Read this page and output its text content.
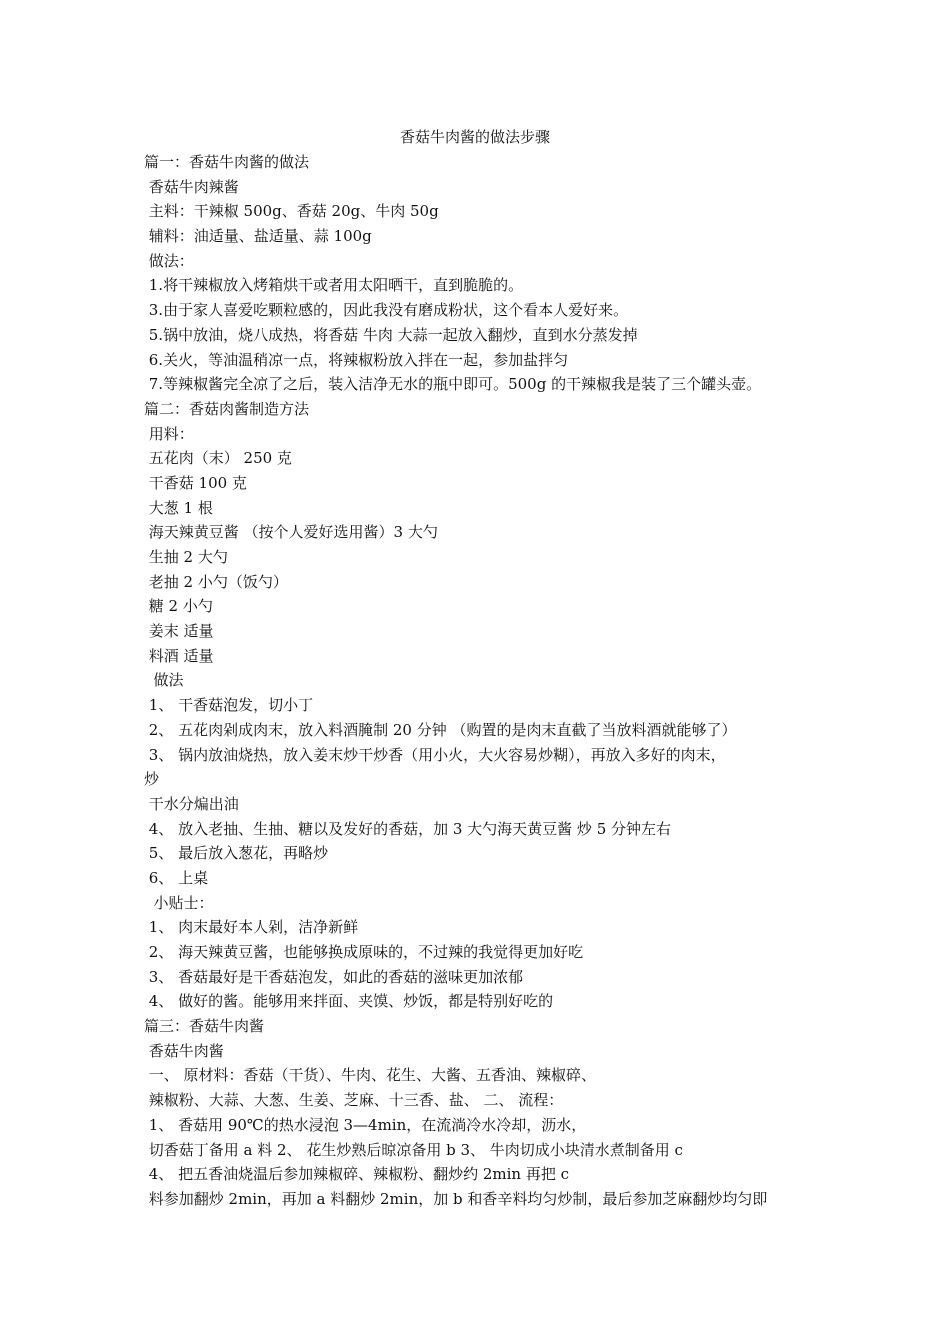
香菇牛肉酱的做法步骤
篇一：香菇牛肉酱的做法
香菇牛肉辣酱
主料：干辣椒 500g、香菇 20g、牛肉 50g
辅料：油适量、盐适量、蒜 100g
做法：
1.将干辣椒放入烤箱烘干或者用太阳晒干，直到脆脆的。
3.由于家人喜爱吃颗粒感的，因此我没有磨成粉状，这个看本人爱好来。
5.锅中放油，烧八成热，将香菇 牛肉 大蒜一起放入翻炒，直到水分蒸发掉
6.关火，等油温稍凉一点，将辣椒粉放入拌在一起，参加盐拌匀
7.等辣椒酱完全凉了之后，装入洁净无水的瓶中即可。500g 的干辣椒我是装了三个罐头壶。
篇二：香菇肉酱制造方法
用料：
五花肉（末） 250 克
干香菇 100 克
大葱 1 根
海天辣黄豆酱 （按个人爱好选用酱）3 大勺
生抽 2 大勺
老抽 2 小勺（饭勺）
糖 2 小勺
姜末 适量
料酒 适量
做法
1、 干香菇泡发，切小丁
2、 五花肉剁成肉末，放入料酒腌制 20 分钟 （购置的是肉末直截了当放料酒就能够了）
3、 锅内放油烧热，放入姜末炒干炒香（用小火，大火容易炒糊），再放入多好的肉末，
炒
干水分煸出油
4、 放入老抽、生抽、糖以及发好的香菇，加 3 大勺海天黄豆酱 炒 5 分钟左右
5、 最后放入葱花，再略炒
6、 上桌
小贴士：
1、 肉末最好本人剁，洁净新鲜
2、 海天辣黄豆酱，也能够换成原味的，不过辣的我觉得更加好吃
3、 香菇最好是干香菇泡发，如此的香菇的滋味更加浓郁
4、 做好的酱。能够用来拌面、夹馍、炒饭，都是特别好吃的
篇三：香菇牛肉酱
香菇牛肉酱
一、 原材料：香菇（干货）、牛肉、花生、大酱、五香油、辣椒碎、
辣椒粉、大蒜、大葱、生姜、芝麻、十三香、盐、 二、 流程：
1、 香菇用 90℃的热水浸泡 3—4min，在流淌冷水冷却，沥水，
切香菇丁备用 a 料 2、 花生炒熟后晾凉备用 b 3、 牛肉切成小块清水煮制备用 c
4、 把五香油烧温后参加辣椒碎、辣椒粉、翻炒约 2min 再把 c
料参加翻炒 2min，再加 a 料翻炒 2min，加 b 和香辛料均匀炒制，最后参加芝麻翻炒均匀即
